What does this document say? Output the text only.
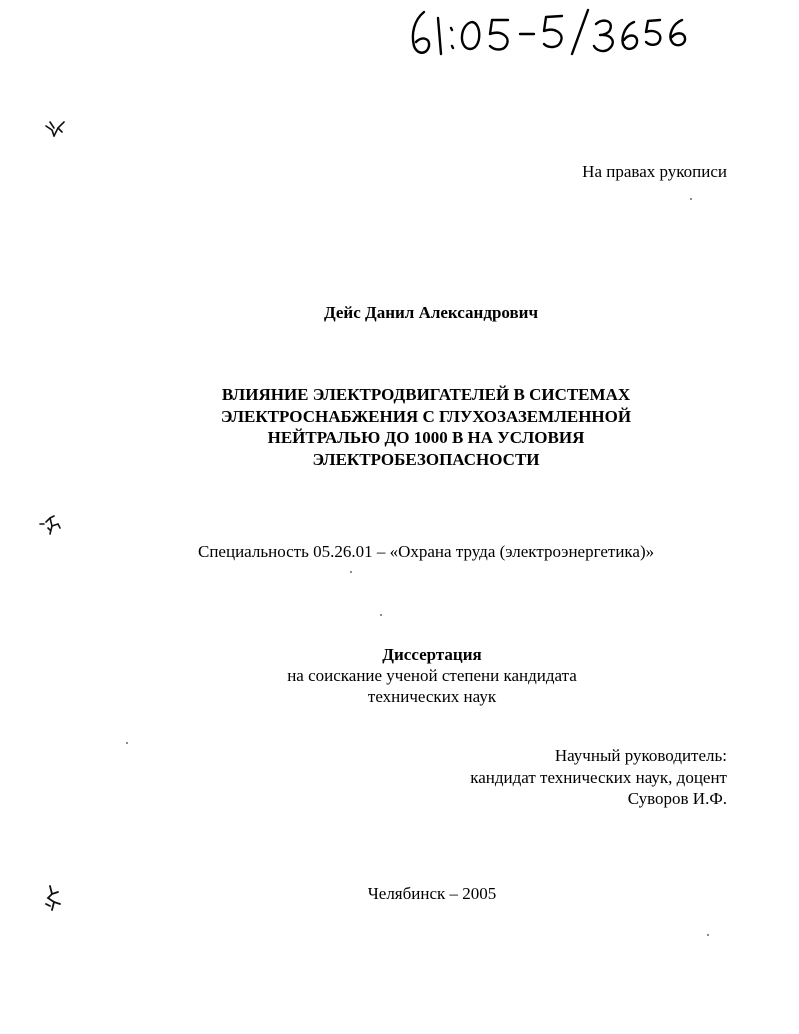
На правах рукописи
Дейс Данил Александрович
ВЛИЯНИЕ ЭЛЕКТРОДВИГАТЕЛЕЙ В СИСТЕМАХ
ЭЛЕКТРОСНАБЖЕНИЯ С ГЛУХОЗАЗЕМЛЕННОЙ
НЕЙТРАЛЬЮ ДО 1000 В НА УСЛОВИЯ
ЭЛЕКТРОБЕЗОПАСНОСТИ
Специальность 05.26.01 – «Охрана труда (электроэнергетика)»
Диссертация
на соискание ученой степени кандидата
технических наук
Научный руководитель:
кандидат технических наук, доцент
Суворов И.Ф.
Челябинск – 2005
